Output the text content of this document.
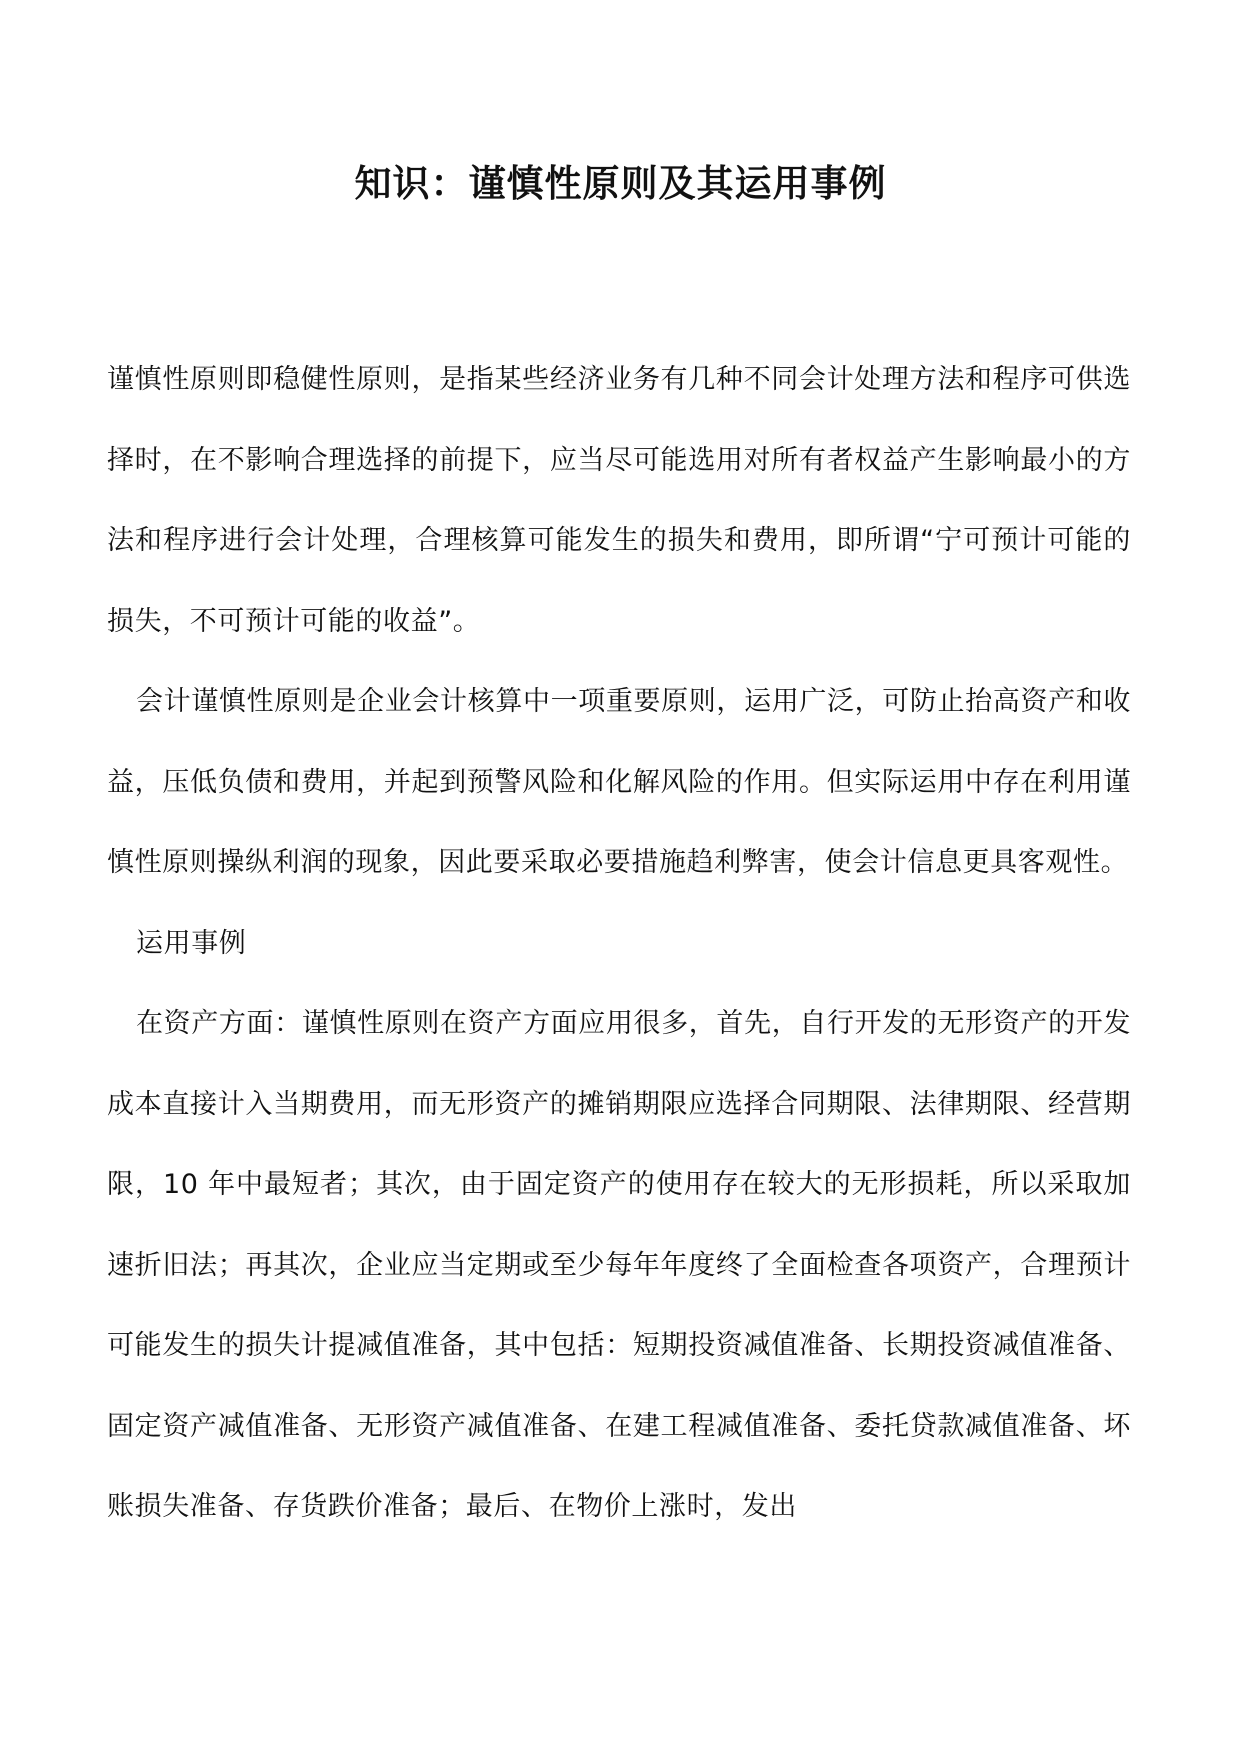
知识：谨慎性原则及其运用事例

谨慎性原则即稳健性原则，是指某些经济业务有几种不同会计处理方法和程序可供选择时，在不影响合理选择的前提下，应当尽可能选用对所有者权益产生影响最小的方法和程序进行会计处理，合理核算可能发生的损失和费用，即所谓“宁可预计可能的损失，不可预计可能的收益”。

会计谨慎性原则是企业会计核算中一项重要原则，运用广泛，可防止抬高资产和收益，压低负债和费用，并起到预警风险和化解风险的作用。但实际运用中存在利用谨慎性原则操纵利润的现象，因此要采取必要措施趋利弊害，使会计信息更具客观性。

运用事例

在资产方面：谨慎性原则在资产方面应用很多，首先，自行开发的无形资产的开发成本直接计入当期费用，而无形资产的摊销期限应选择合同期限、法律期限、经营期限，10 年中最短者；其次，由于固定资产的使用存在较大的无形损耗，所以采取加速折旧法；再其次，企业应当定期或至少每年年度终了全面检查各项资产，合理预计可能发生的损失计提减值准备，其中包括：短期投资减值准备、长期投资减值准备、固定资产减值准备、无形资产减值准备、在建工程减值准备、委托贷款减值准备、坏账损失准备、存货跌价准备；最后、在物价上涨时，发出
